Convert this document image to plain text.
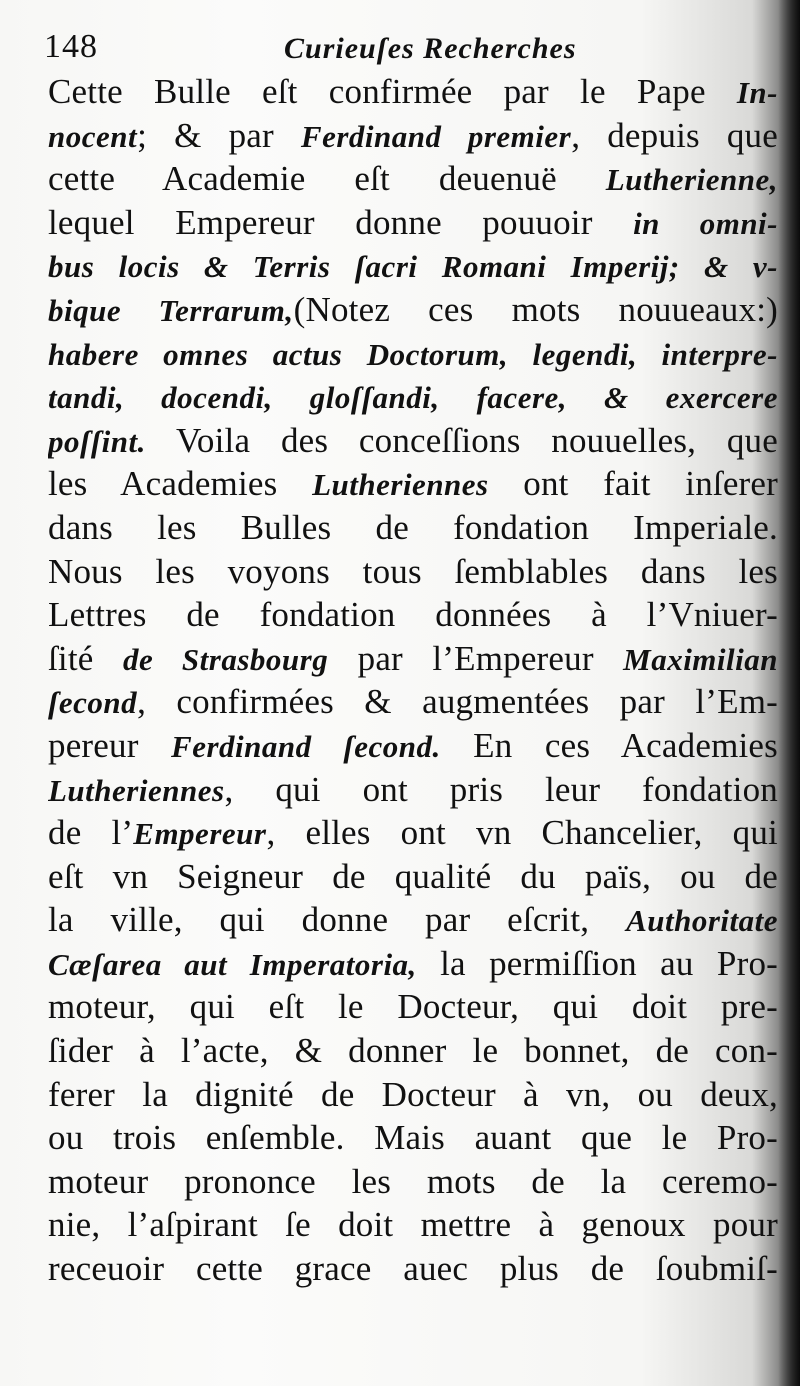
148	Curieuſes Recherches
Cette Bulle eſt confirmée par le Pape In-
nocent; & par Ferdinand premier, depuis que
cette Academie eſt deuenuë Lutherienne,
lequel Empereur donne pouuoir in omni-
bus locis & Terris ſacri Romani Imperij; & v-
bique Terrarum,(Notez ces mots nouueaux:)
habere omnes actus Doctorum, legendi, interpre-
tandi, docendi, gloſſandi, facere, & exercere
poſſint. Voila des conceſſions nouuelles, que
les Academies Lutheriennes ont fait inſerer
dans les Bulles de fondation Imperiale.
Nous les voyons tous ſemblables dans les
Lettres de fondation données à l’Vniuer-
ſité de Strasbourg par l’Empereur Maximilian
ſecond, confirmées & augmentées par l’Em-
pereur Ferdinand ſecond. En ces Academies
Lutheriennes, qui ont pris leur fondation
de l’Empereur, elles ont vn Chancelier, qui
eſt vn Seigneur de qualité du païs, ou de
la ville, qui donne par eſcrit, Authoritate
Cæſarea aut Imperatoria, la permiſſion au Pro-
moteur, qui eſt le Docteur, qui doit pre-
ſider à l’acte, & donner le bonnet, de con-
ferer la dignité de Docteur à vn, ou deux,
ou trois enſemble. Mais auant que le Pro-
moteur prononce les mots de la ceremo-
nie, l’aſpirant ſe doit mettre à genoux pour
receuoir cette grace auec plus de ſoubmiſ-
